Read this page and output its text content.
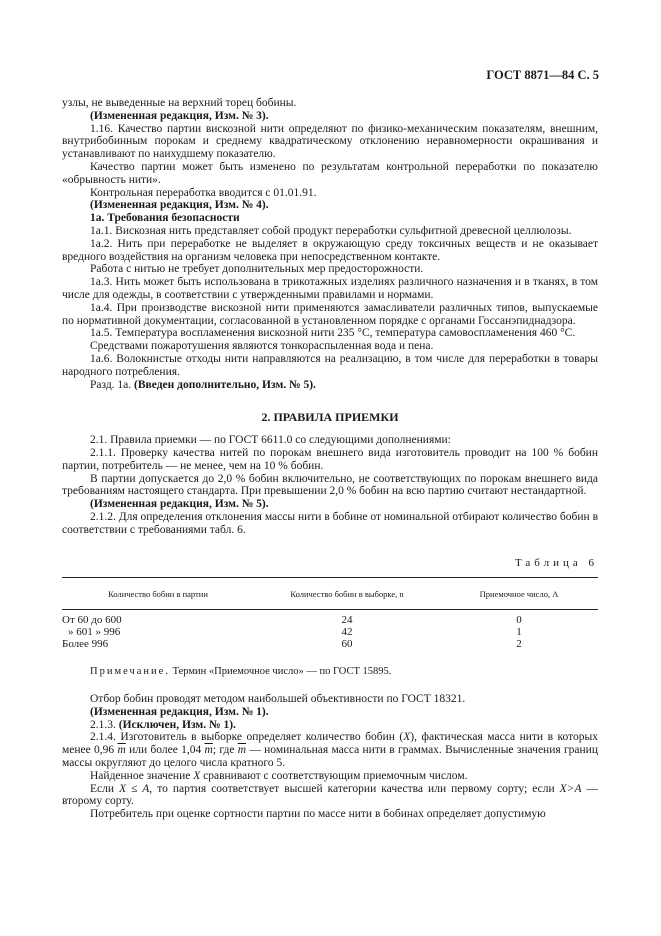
ГОСТ 8871—84 С. 5

узлы, не выведенные на верхний торец бобины.

(Измененная редакция, Изм. № 3).

1.16. Качество партии вискозной нити определяют по физико-механическим показателям, внешним, внутрибобинным порокам и среднему квадратическому отклонению неравномерности окрашивания и устанавливают по наихудшему показателю.

Качество партии может быть изменено по результатам контрольной переработки по показателю «обрывность нити».

Контрольная переработка вводится с 01.01.91.

(Измененная редакция, Изм. № 4).

1а. Требования безопасности

1а.1. Вискозная нить представляет собой продукт переработки сульфитной древесной целлюлозы.

1а.2. Нить при переработке не выделяет в окружающую среду токсичных веществ и не оказывает вредного воздействия на организм человека при непосредственном контакте.

Работа с нитью не требует дополнительных мер предосторожности.

1а.3. Нить может быть использована в трикотажных изделиях различного назначения и в тканях, в том числе для одежды, в соответствии с утвержденными правилами и нормами.

1а.4. При производстве вискозной нити применяются замасливатели различных типов, выпускаемые по нормативной документации, согласованной в установленном порядке с органами Госсанэпиднадзора.

1а.5. Температура воспламенения вискозной нити 235 °С, температура самовоспламенения 460 °С.

Средствами пожаротушения являются тонкораспыленная вода и пена.

1а.6. Волокнистые отходы нити направляются на реализацию, в том числе для переработки в товары народного потребления.

Разд. 1а. (Введен дополнительно, Изм. № 5).

2. ПРАВИЛА ПРИЕМКИ

2.1. Правила приемки — по ГОСТ 6611.0 со следующими дополнениями:

2.1.1. Проверку качества нитей по порокам внешнего вида изготовитель проводит на 100 % бобин партии, потребитель — не менее, чем на 10 % бобин.

В партии допускается до 2,0 % бобин включительно, не соответствующих по порокам внешнего вида требованиям настоящего стандарта. При превышении 2,0 % бобин на всю партию считают нестандартной.

(Измененная редакция, Изм. № 5).

2.1.2. Для определения отклонения массы нити в бобине от номинальной отбирают количество бобин в соответствии с требованиями табл. 6.

Таблица 6
Количество бобин в партии	Количество бобин в выборке, n	Приемочное число, А
От 60 до 600	24	0
» 601 » 996	42	1
Более 996	60	2

Примечание. Термин «Приемочное число» — по ГОСТ 15895.

Отбор бобин проводят методом наибольшей объективности по ГОСТ 18321.

(Измененная редакция, Изм. № 1).

2.1.3. (Исключен, Изм. № 1).

2.1.4. Изготовитель в выборке определяет количество бобин (X), фактическая масса нити в которых менее 0,96 $\overline{m}$ или более 1,04 $\overline{m}$; где $\overline{m}$ — номинальная масса нити в граммах. Вычисленные значения границ массы округляют до целого числа кратного 5.

Найденное значение X сравнивают с соответствующим приемочным числом.

Если X ≤ A, то партия соответствует высшей категории качества или первому сорту; если X>A — второму сорту.

Потребитель при оценке сортности партии по массе нити в бобинах определяет допустимую
